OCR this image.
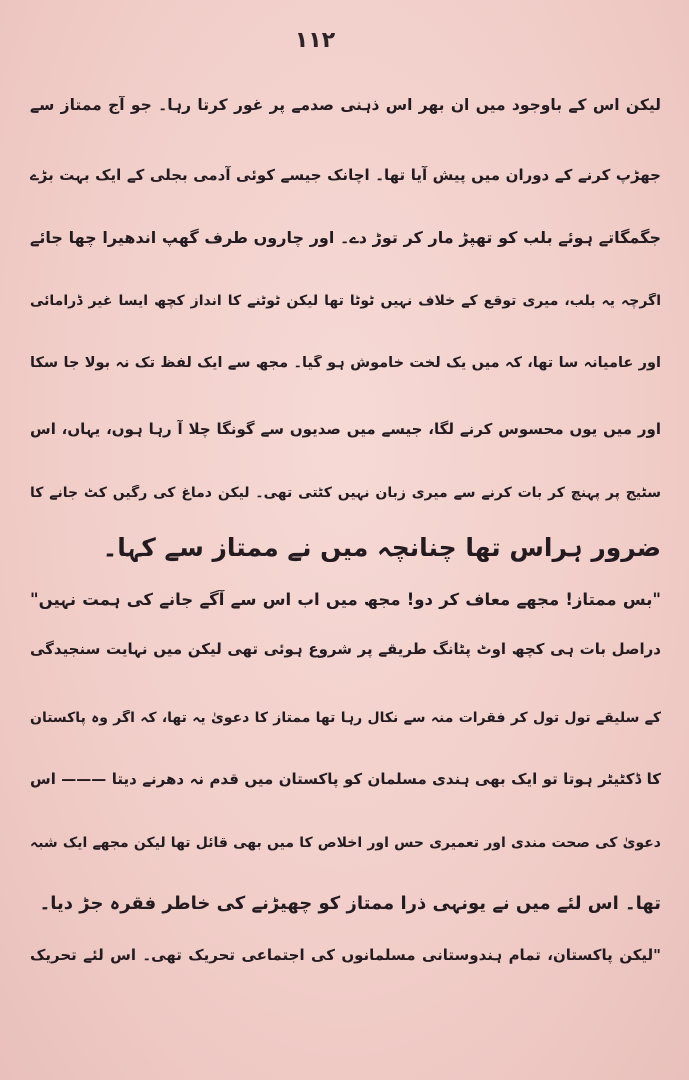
۱۱۲
لیکن اس کے باوجود میں ان بھر اس ذہنی صدمے پر غور کرتا رہا۔ جو آج ممتاز سے
جھڑپ کرنے کے دوران میں پیش آیا تھا۔ اچانک جیسے کوئی آدمی بجلی کے ایک بہت بڑے
جگمگاتے ہوئے بلب کو تھپڑ مار کر توڑ دے۔ اور چاروں طرف گھپ اندھیرا چھا جائے
اگرچہ یہ بلب، میری توقع کے خلاف نہیں ٹوٹا تھا لیکن ٹوٹنے کا انداز کچھ ایسا غیر ڈرامائی
اور عامیانہ سا تھا، کہ میں یک لخت خاموش ہو گیا۔ مجھ سے ایک لفظ تک نہ بولا جا سکا
اور میں یوں محسوس کرنے لگا، جیسے میں صدیوں سے گونگا چلا آ رہا ہوں، یہاں، اس
سٹیج پر پہنچ کر بات کرنے سے میری زبان نہیں کٹتی تھی۔ لیکن دماغ کی رگیں کٹ جانے کا
ضرور ہراس تھا چنانچہ میں نے ممتاز سے کہا۔
"بس ممتاز! مجھے معاف کر دو! مجھ میں اب اس سے آگے جانے کی ہمت نہیں"
دراصل بات ہی کچھ اوٹ پٹانگ طریقے پر شروع ہوئی تھی لیکن میں نہایت سنجیدگی
کے سلیقے تول تول کر فقرات منہ سے نکال رہا تھا ممتاز کا دعویٰ یہ تھا، کہ اگر وہ پاکستان
کا ڈکٹیٹر ہوتا تو ایک بھی ہندی مسلمان کو پاکستان میں قدم نہ دھرنے دیتا ——— اس
دعویٰ کی صحت مندی اور تعمیری حس اور اخلاص کا میں بھی قائل تھا لیکن مجھے ایک شبہ
تھا۔ اس لئے میں نے یونہی ذرا ممتاز کو چھیڑنے کی خاطر فقرہ جڑ دیا۔
"لیکن پاکستان، تمام ہندوستانی مسلمانوں کی اجتماعی تحریک تھی۔ اس لئے تحریک
